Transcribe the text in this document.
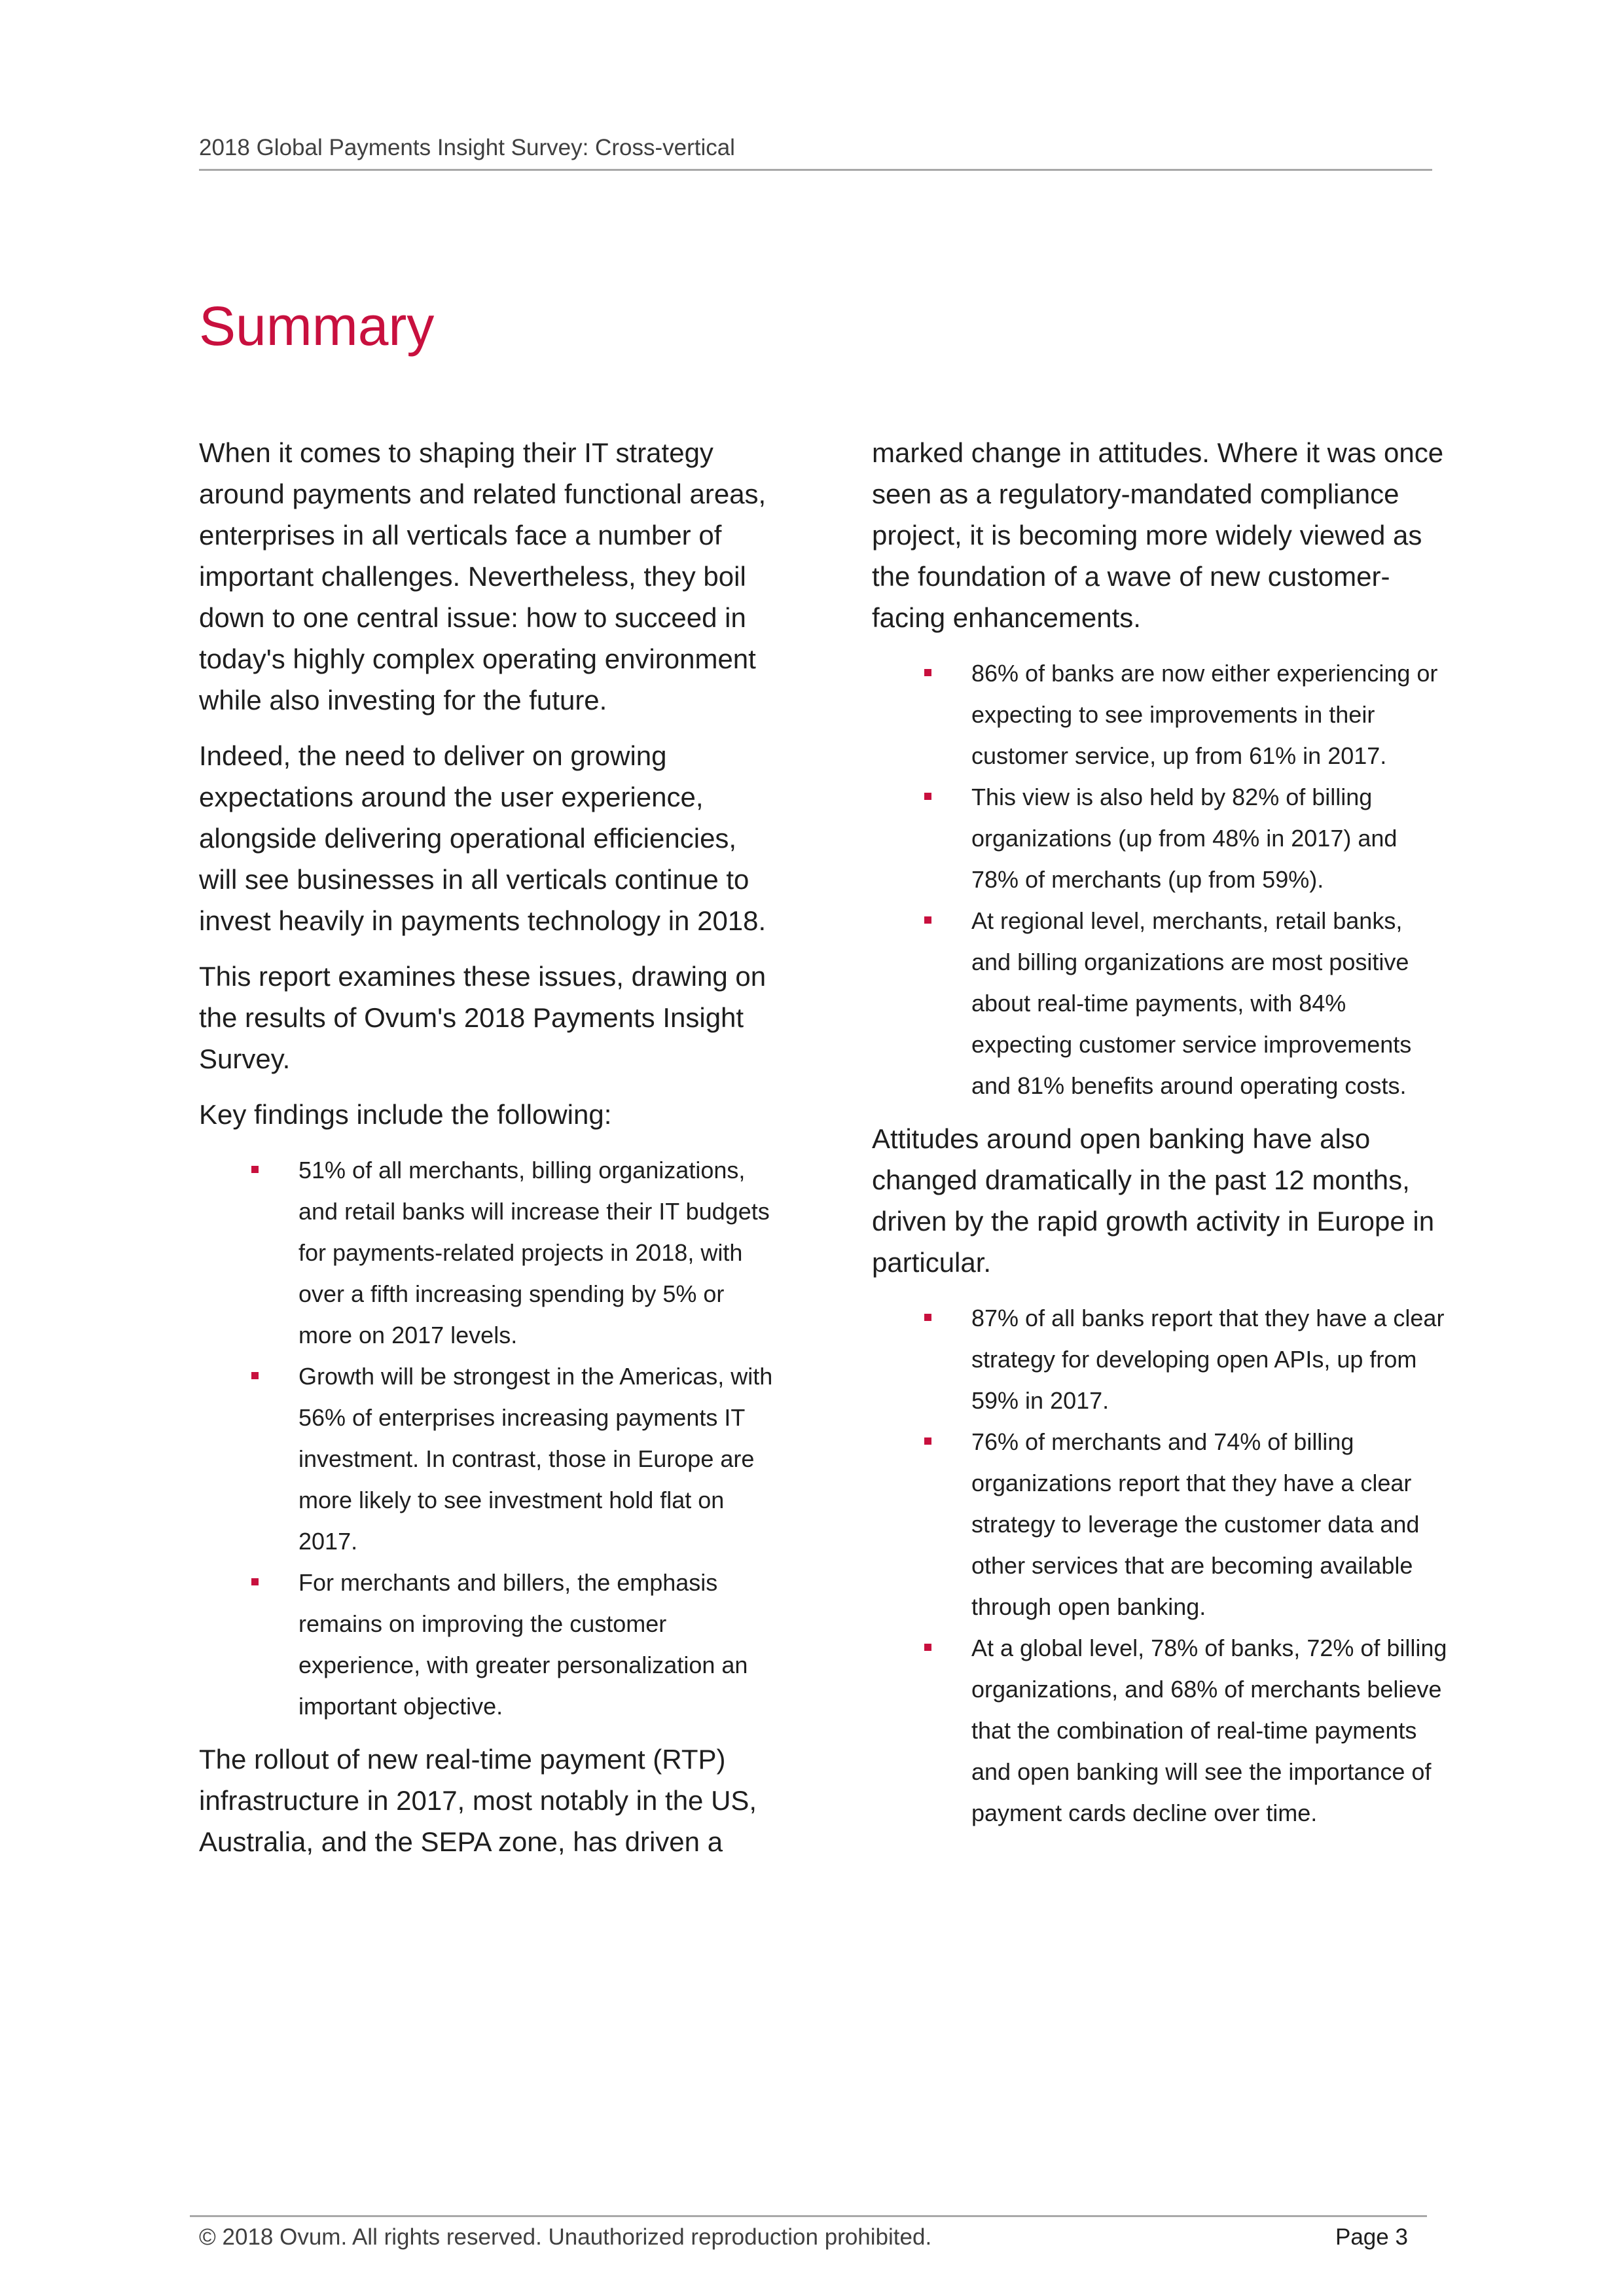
2018 Global Payments Insight Survey: Cross-vertical
Summary

When it comes to shaping their IT strategy around payments and related functional areas, enterprises in all verticals face a number of important challenges. Nevertheless, they boil down to one central issue: how to succeed in today's highly complex operating environment while also investing for the future.

Indeed, the need to deliver on growing expectations around the user experience, alongside delivering operational efficiencies, will see businesses in all verticals continue to invest heavily in payments technology in 2018.

This report examines these issues, drawing on the results of Ovum's 2018 Payments Insight Survey.

Key findings include the following:

51% of all merchants, billing organizations, and retail banks will increase their IT budgets for payments-related projects in 2018, with over a fifth increasing spending by 5% or more on 2017 levels.
Growth will be strongest in the Americas, with 56% of enterprises increasing payments IT investment. In contrast, those in Europe are more likely to see investment hold flat on 2017.
For merchants and billers, the emphasis remains on improving the customer experience, with greater personalization an important objective.

The rollout of new real-time payment (RTP) infrastructure in 2017, most notably in the US, Australia, and the SEPA zone, has driven a

marked change in attitudes. Where it was once seen as a regulatory-mandated compliance project, it is becoming more widely viewed as the foundation of a wave of new customer-facing enhancements.

86% of banks are now either experiencing or expecting to see improvements in their customer service, up from 61% in 2017.
This view is also held by 82% of billing organizations (up from 48% in 2017) and 78% of merchants (up from 59%).
At regional level, merchants, retail banks, and billing organizations are most positive about real-time payments, with 84% expecting customer service improvements and 81% benefits around operating costs.

Attitudes around open banking have also changed dramatically in the past 12 months, driven by the rapid growth activity in Europe in particular.

87% of all banks report that they have a clear strategy for developing open APIs, up from 59% in 2017.
76% of merchants and 74% of billing organizations report that they have a clear strategy to leverage the customer data and other services that are becoming available through open banking.
At a global level, 78% of banks, 72% of billing organizations, and 68% of merchants believe that the combination of real-time payments and open banking will see the importance of payment cards decline over time.
© 2018 Ovum. All rights reserved. Unauthorized reproduction prohibited.	Page 3
